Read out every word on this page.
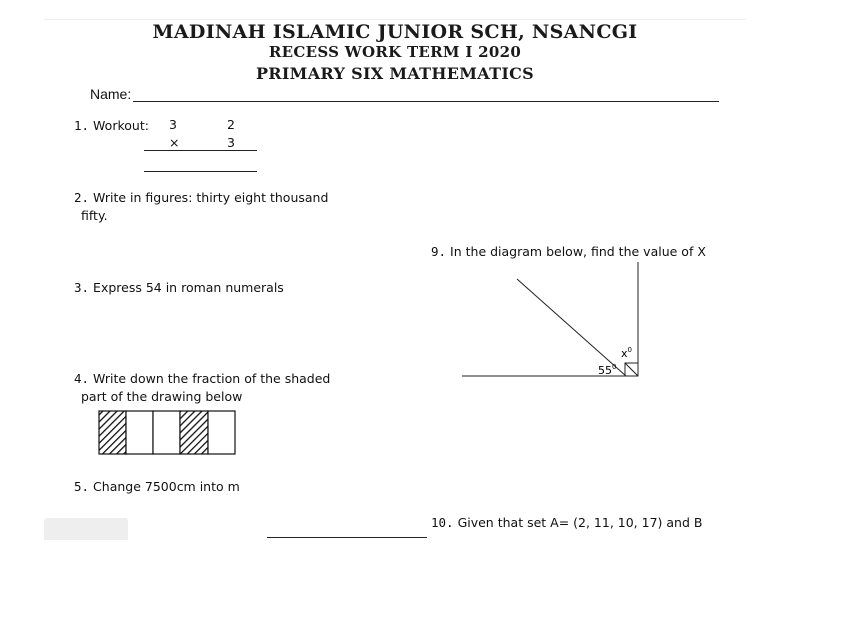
MADINAH ISLAMIC JUNIOR SCH, NSANCGI
RECESS WORK TERM I 2020
PRIMARY SIX MATHEMATICS
Name:
1. Workout: 3	2
×	3
2. Write in figures: thirty eight thousand
fifty.
3. Express 54 in roman numerals
4. Write down the fraction of the shaded
part of the drawing below
5. Change 7500cm into m
9. In the diagram below, find the value of X
$55^0$
$x^0$
10. Given that set A= (2, 11, 10, 17) and B
